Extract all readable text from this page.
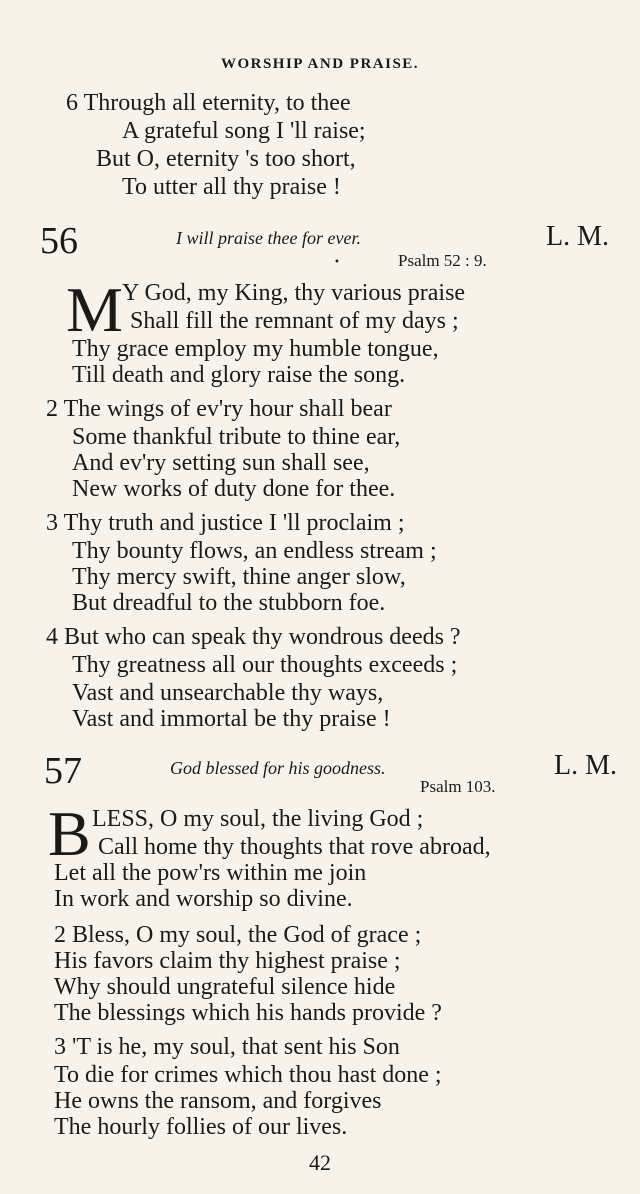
WORSHIP AND PRAISE.
6 Through all eternity, to thee
A grateful song I 'll raise;
But O, eternity 's too short,
To utter all thy praise !
56	I will praise thee for ever.	L. M.
•	Psalm 52 : 9.
M Y God, my King, thy various praise
Shall fill the remnant of my days ;
Thy grace employ my humble tongue,
Till death and glory raise the song.
2 The wings of ev'ry hour shall bear
Some thankful tribute to thine ear,
And ev'ry setting sun shall see,
New works of duty done for thee.
3 Thy truth and justice I 'll proclaim ;
Thy bounty flows, an endless stream ;
Thy mercy swift, thine anger slow,
But dreadful to the stubborn foe.
4 But who can speak thy wondrous deeds ?
Thy greatness all our thoughts exceeds ;
Vast and unsearchable thy ways,
Vast and immortal be thy praise !
57	God blessed for his goodness.	L. M.
Psalm 103.
B LESS, O my soul, the living God ;
Call home thy thoughts that rove abroad,
Let all the pow'rs within me join
In work and worship so divine.
2 Bless, O my soul, the God of grace ;
His favors claim thy highest praise ;
Why should ungrateful silence hide
The blessings which his hands provide ?
3 'T is he, my soul, that sent his Son
To die for crimes which thou hast done ;
He owns the ransom, and forgives
The hourly follies of our lives.
42
